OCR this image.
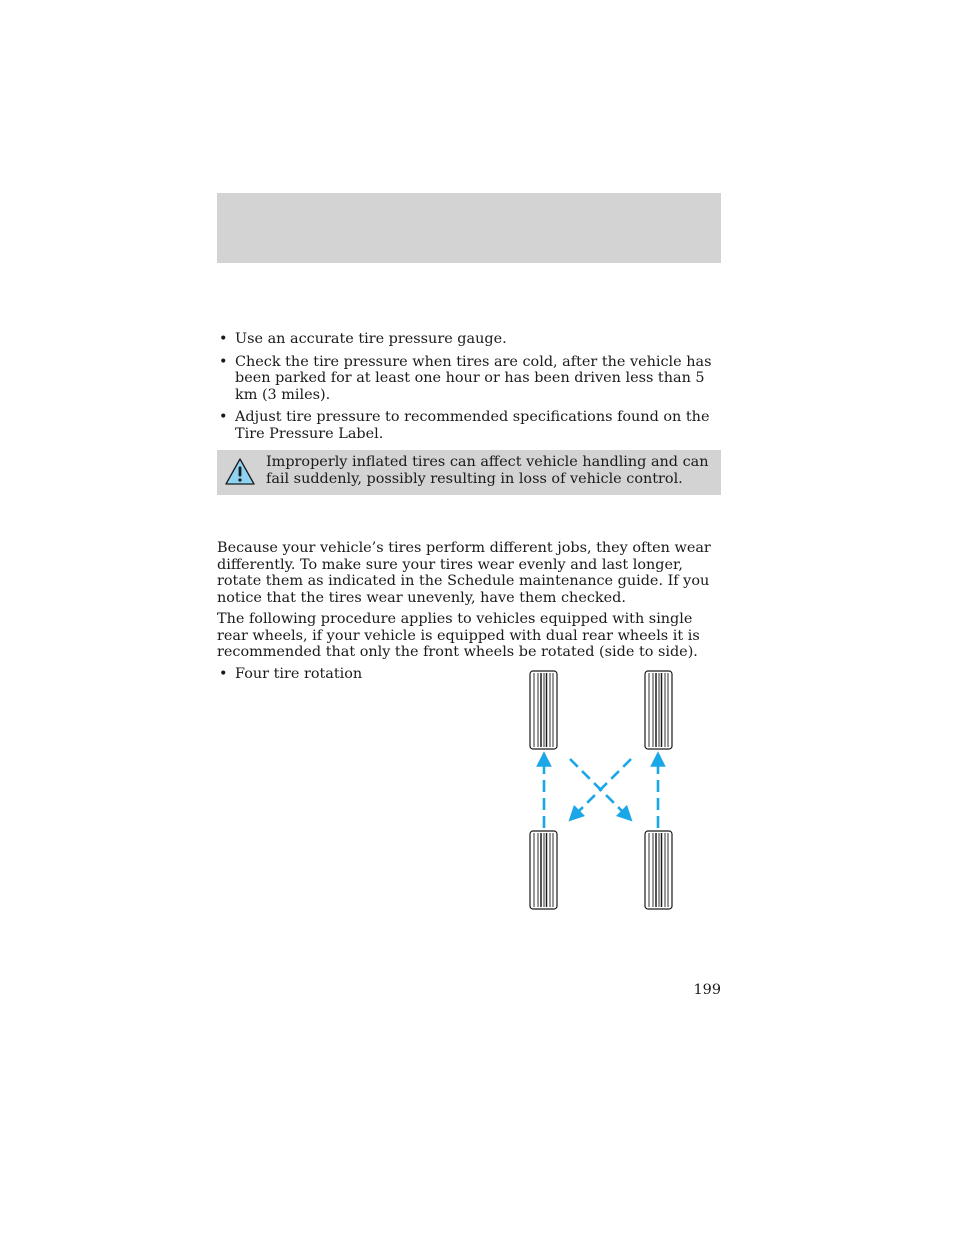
• Use an accurate tire pressure gauge.
• Check the tire pressure when tires are cold, after the vehicle has been parked for at least one hour or has been driven less than 5 km (3 miles).
• Adjust tire pressure to recommended specifications found on the Tire Pressure Label.
Improperly inflated tires can affect vehicle handling and can fail suddenly, possibly resulting in loss of vehicle control.

Because your vehicle’s tires perform different jobs, they often wear differently. To make sure your tires wear evenly and last longer, rotate them as indicated in the Schedule maintenance guide. If you notice that the tires wear unevenly, have them checked.

The following procedure applies to vehicles equipped with single rear wheels, if your vehicle is equipped with dual rear wheels it is recommended that only the front wheels be rotated (side to side).

• Four tire rotation
199
